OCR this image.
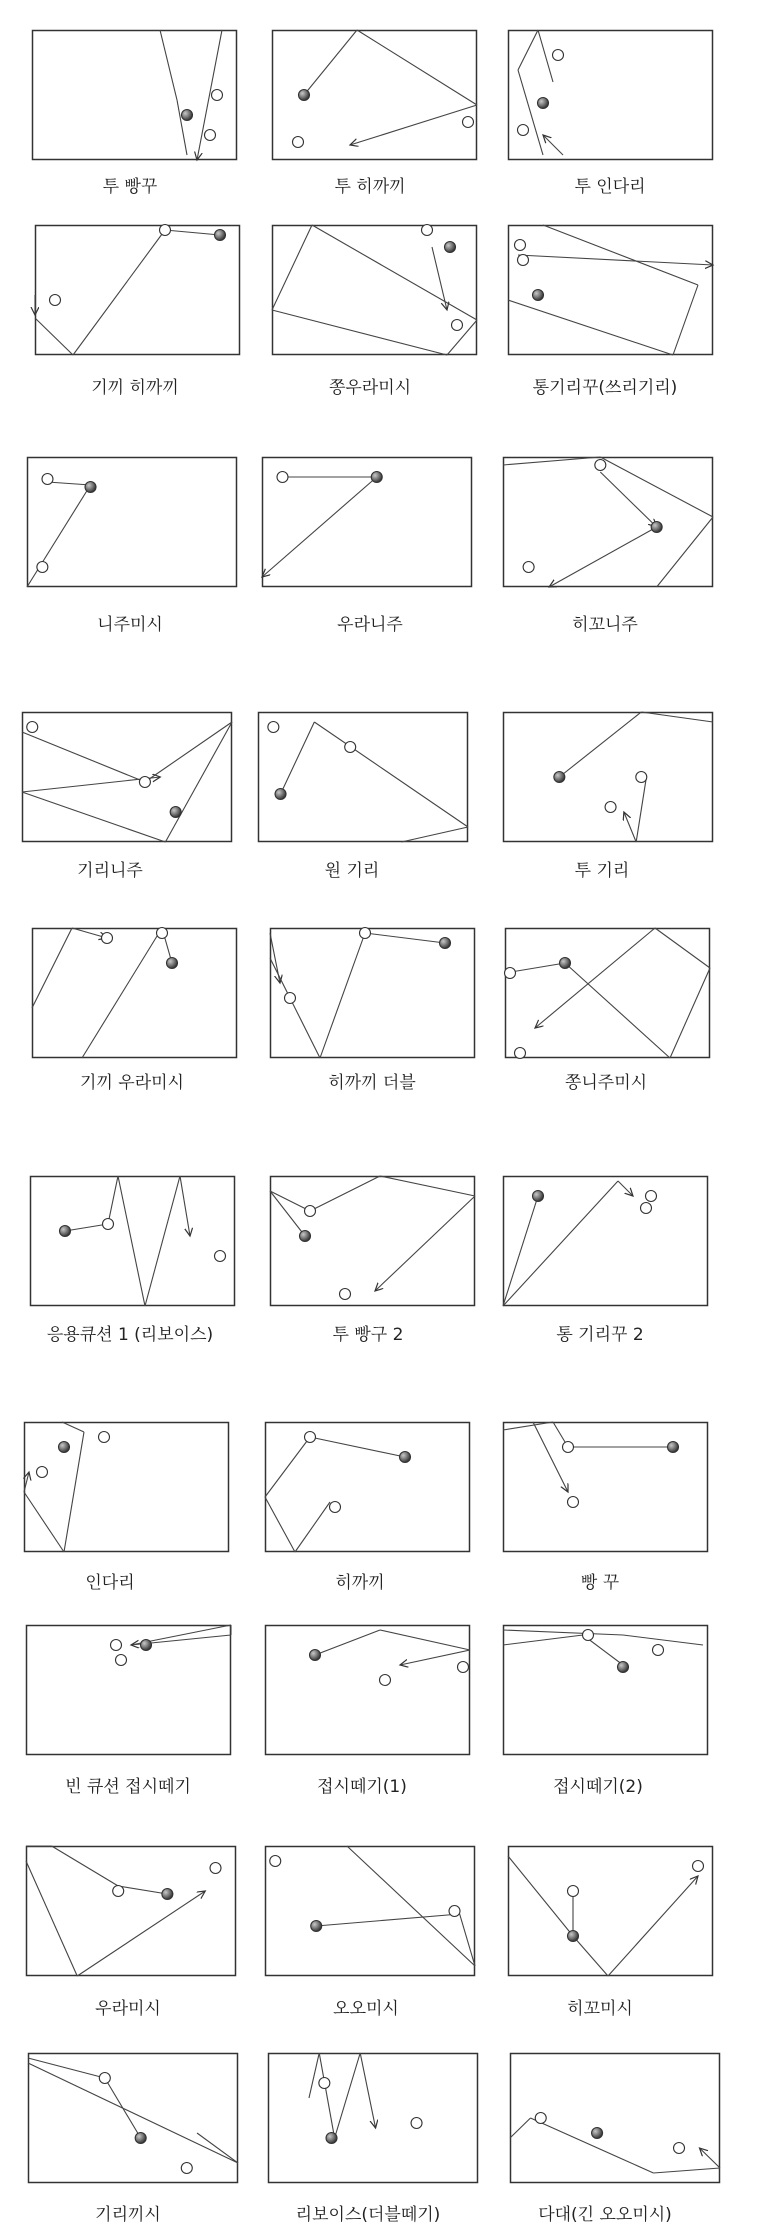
투 빵꾸	투 히까끼	투 인다리
기끼 히까끼	쫑우라미시	통기리꾸(쓰리기리)
니주미시	우라니주	히꼬니주
기리니주	원 기리	투 기리
기끼 우라미시	히까끼 더블	쫑니주미시
응용큐션 1 (리보이스)	투 빵구 2	통 기리꾸 2
인다리	히까끼	빵 꾸
빈 큐션 접시떼기	접시떼기(1)	접시떼기(2)
우라미시	오오미시	히꼬미시
기리끼시	리보이스(더블떼기)	다대(긴 오오미시)
